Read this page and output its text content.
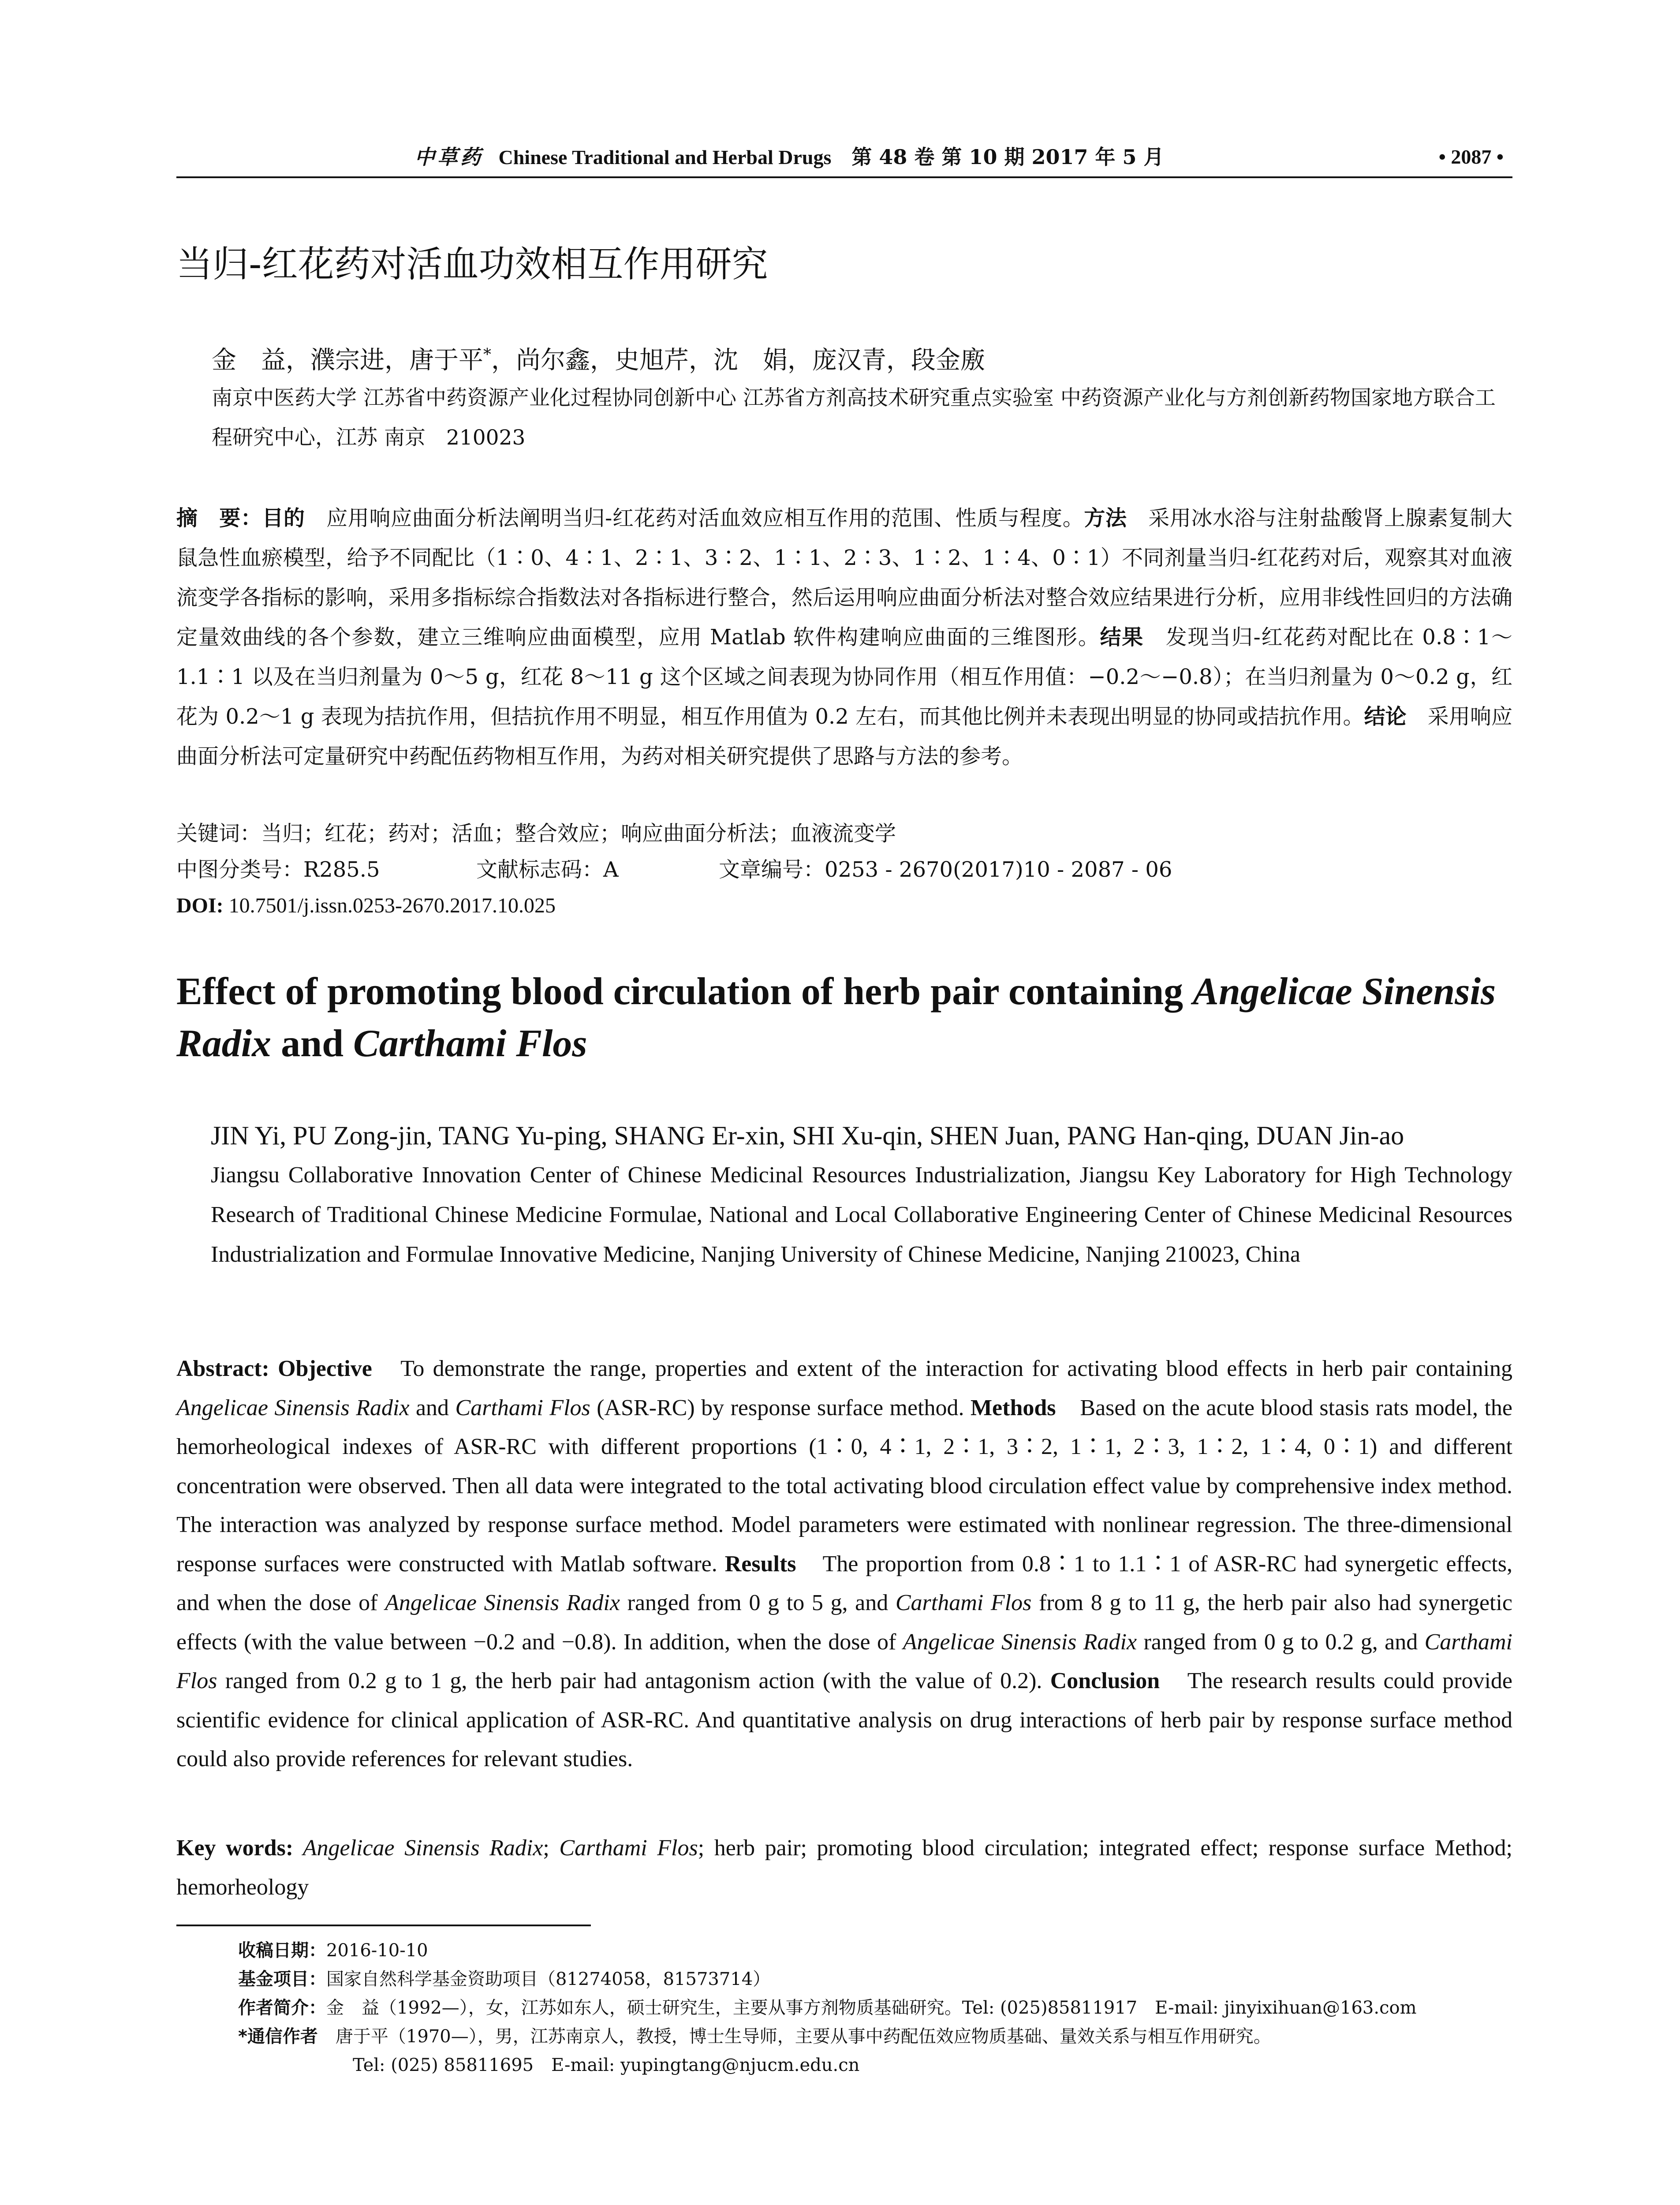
中草药 Chinese Traditional and Herbal Drugs 第 48 卷 第 10 期 2017 年 5 月	• 2087 •
当归-红花药对活血功效相互作用研究
金　益，濮宗进，唐于平*，尚尔鑫，史旭芹，沈　娟，庞汉青，段金廒
南京中医药大学 江苏省中药资源产业化过程协同创新中心 江苏省方剂高技术研究重点实验室 中药资源产业化与方剂创新药物国家地方联合工程研究中心，江苏 南京　210023
摘　要：目的　应用响应曲面分析法阐明当归-红花药对活血效应相互作用的范围、性质与程度。方法　采用冰水浴与注射盐酸肾上腺素复制大鼠急性血瘀模型，给予不同配比（1∶0、4∶1、2∶1、3∶2、1∶1、2∶3、1∶2、1∶4、0∶1）不同剂量当归-红花药对后，观察其对血液流变学各指标的影响，采用多指标综合指数法对各指标进行整合，然后运用响应曲面分析法对整合效应结果进行分析，应用非线性回归的方法确定量效曲线的各个参数，建立三维响应曲面模型，应用 Matlab 软件构建响应曲面的三维图形。结果　发现当归-红花药对配比在 0.8∶1～1.1∶1 以及在当归剂量为 0～5 g，红花 8～11 g 这个区域之间表现为协同作用（相互作用值：−0.2～−0.8）；在当归剂量为 0～0.2 g，红花为 0.2～1 g 表现为拮抗作用，但拮抗作用不明显，相互作用值为 0.2 左右，而其他比例并未表现出明显的协同或拮抗作用。结论　采用响应曲面分析法可定量研究中药配伍药物相互作用，为药对相关研究提供了思路与方法的参考。
关键词：当归；红花；药对；活血；整合效应；响应曲面分析法；血液流变学
中图分类号：R285.5	文献标志码：A	文章编号：0253 - 2670(2017)10 - 2087 - 06
DOI: 10.7501/j.issn.0253-2670.2017.10.025
Effect of promoting blood circulation of herb pair containing Angelicae Sinensis Radix and Carthami Flos
JIN Yi, PU Zong-jin, TANG Yu-ping, SHANG Er-xin, SHI Xu-qin, SHEN Juan, PANG Han-qing, DUAN Jin-ao
Jiangsu Collaborative Innovation Center of Chinese Medicinal Resources Industrialization, Jiangsu Key Laboratory for High Technology Research of Traditional Chinese Medicine Formulae, National and Local Collaborative Engineering Center of Chinese Medicinal Resources Industrialization and Formulae Innovative Medicine, Nanjing University of Chinese Medicine, Nanjing 210023, China
Abstract: Objective　To demonstrate the range, properties and extent of the interaction for activating blood effects in herb pair containing Angelicae Sinensis Radix and Carthami Flos (ASR-RC) by response surface method. Methods　Based on the acute blood stasis rats model, the hemorheological indexes of ASR-RC with different proportions (1∶0, 4∶1, 2∶1, 3∶2, 1∶1, 2∶3, 1∶2, 1∶4, 0∶1) and different concentration were observed. Then all data were integrated to the total activating blood circulation effect value by comprehensive index method. The interaction was analyzed by response surface method. Model parameters were estimated with nonlinear regression. The three-dimensional response surfaces were constructed with Matlab software. Results　The proportion from 0.8∶1 to 1.1∶1 of ASR-RC had synergetic effects, and when the dose of Angelicae Sinensis Radix ranged from 0 g to 5 g, and Carthami Flos from 8 g to 11 g, the herb pair also had synergetic effects (with the value between −0.2 and −0.8). In addition, when the dose of Angelicae Sinensis Radix ranged from 0 g to 0.2 g, and Carthami Flos ranged from 0.2 g to 1 g, the herb pair had antagonism action (with the value of 0.2). Conclusion　The research results could provide scientific evidence for clinical application of ASR-RC. And quantitative analysis on drug interactions of herb pair by response surface method could also provide references for relevant studies.
Key words: Angelicae Sinensis Radix; Carthami Flos; herb pair; promoting blood circulation; integrated effect; response surface Method; hemorheology
收稿日期：2016-10-10
基金项目：国家自然科学基金资助项目（81274058，81573714）
作者简介：金　益（1992—），女，江苏如东人，硕士研究生，主要从事方剂物质基础研究。Tel: (025)85811917　E-mail: jinyixihuan@163.com
*通信作者　唐于平（1970—），男，江苏南京人，教授，博士生导师，主要从事中药配伍效应物质基础、量效关系与相互作用研究。
Tel: (025) 85811695　E-mail: yupingtang@njucm.edu.cn
